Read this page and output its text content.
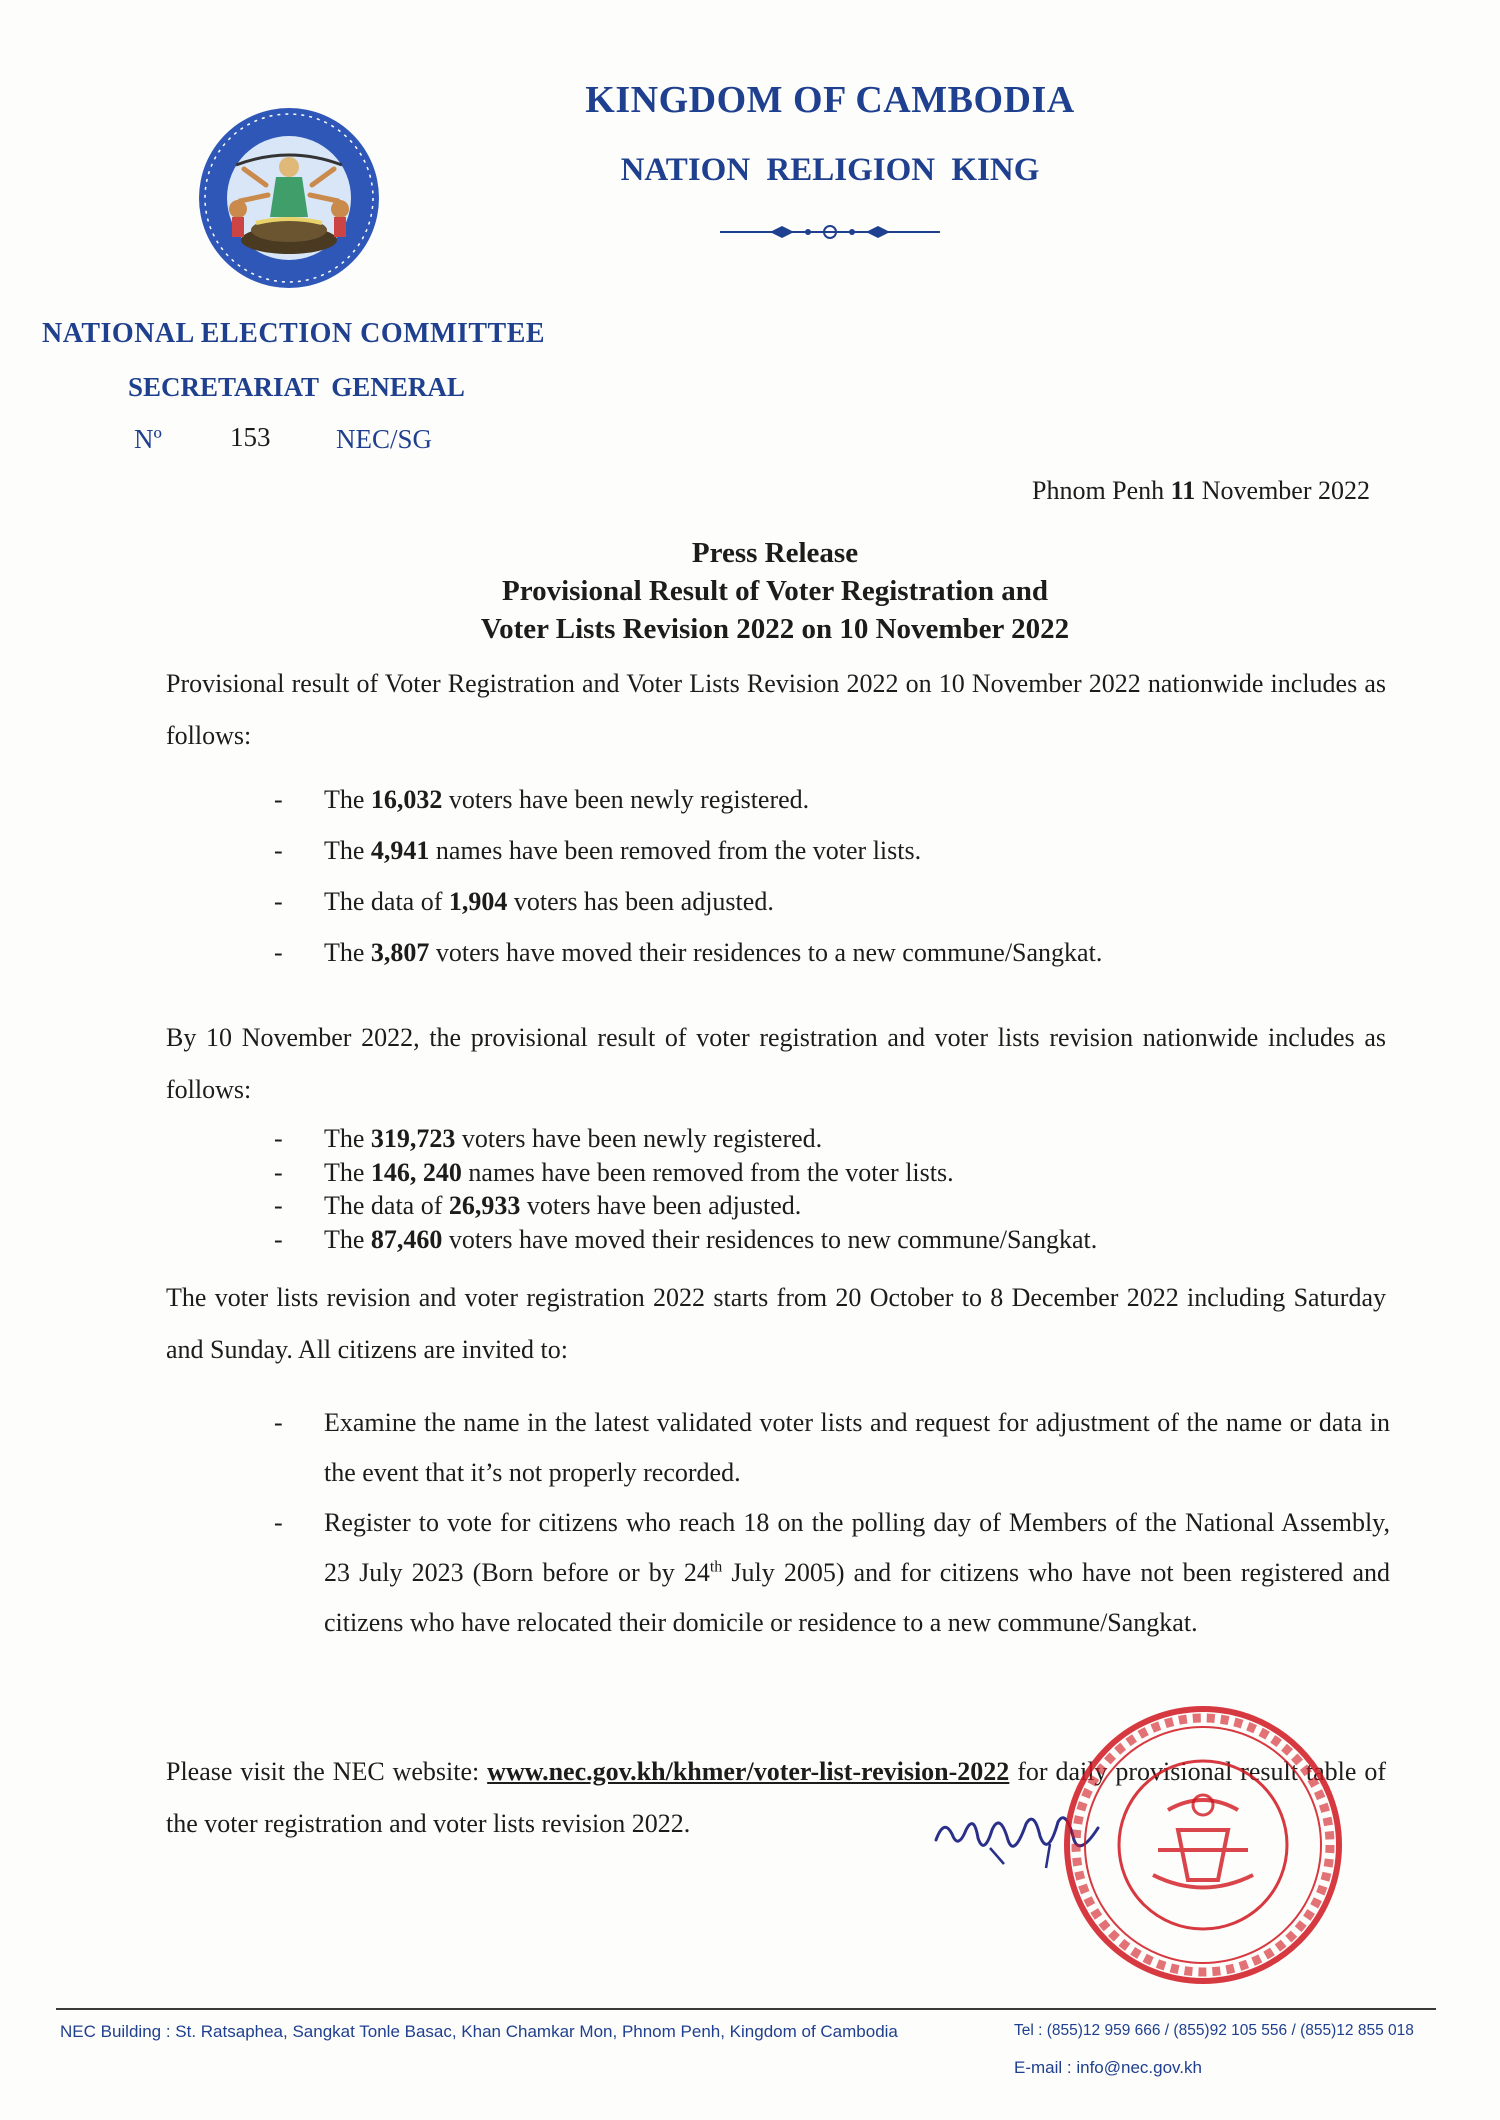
KINGDOM OF CAMBODIA
NATION RELIGION KING
NATIONAL ELECTION COMMITTEE
SECRETARIAT GENERAL
Nº	153 NEC/SG
Phnom Penh 11 November 2022
Press Release
Provisional Result of Voter Registration and
Voter Lists Revision 2022 on 10 November 2022
Provisional result of Voter Registration and Voter Lists Revision 2022 on 10 November 2022 nationwide includes as follows:
- The 16,032 voters have been newly registered.
- The 4,941 names have been removed from the voter lists.
- The data of 1,904 voters has been adjusted.
- The 3,807 voters have moved their residences to a new commune/Sangkat.
By 10 November 2022, the provisional result of voter registration and voter lists revision nationwide includes as follows:
- The 319,723 voters have been newly registered.
- The 146, 240 names have been removed from the voter lists.
- The data of 26,933 voters have been adjusted.
- The 87,460 voters have moved their residences to new commune/Sangkat.
The voter lists revision and voter registration 2022 starts from 20 October to 8 December 2022 including Saturday and Sunday. All citizens are invited to:
- Examine the name in the latest validated voter lists and request for adjustment of the name or data in the event that it’s not properly recorded.
- Register to vote for citizens who reach 18 on the polling day of Members of the National Assembly, 23 July 2023 (Born before or by 24th July 2005) and for citizens who have not been registered and citizens who have relocated their domicile or residence to a new commune/Sangkat.
Please visit the NEC website: www.nec.gov.kh/khmer/voter-list-revision-2022 for daily provisional result table of the voter registration and voter lists revision 2022.
NEC Building : St. Ratsaphea, Sangkat Tonle Basac, Khan Chamkar Mon, Phnom Penh, Kingdom of Cambodia	Tel : (855)12 959 666 / (855)92 105 556 / (855)12 855 018
E-mail : info@nec.gov.kh
